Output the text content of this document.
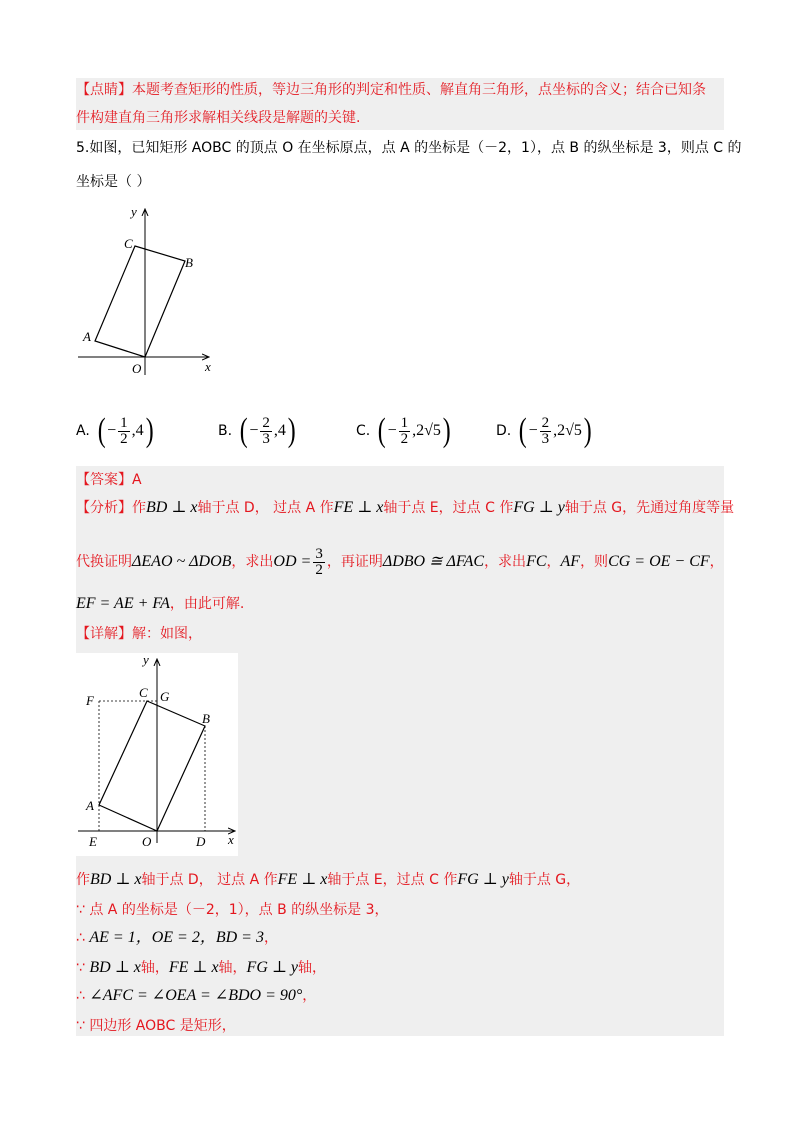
【点睛】本题考查矩形的性质，等边三角形的判定和性质、解直角三角形，点坐标的含义；结合已知条
件构建直角三角形求解相关线段是解题的关键.
5.如图，已知矩形 AOBC 的顶点 O 在坐标原点，点 A 的坐标是（－2，1），点 B 的纵坐标是 3，则点 C 的
坐标是（ ）
y
x
C
B
A
O
A. ( − $\frac{1}{2} ,4$ )	B. ( − $\frac{2}{3} ,4$ )	C. ( − $\frac{1}{2} ,2√5$ )	D. ( − $\frac{2}{3} ,2√5$ )
【答案】A
【分析】作BD ⊥ x轴于点 D， 过点 A 作FE ⊥ x轴于点 E，过点 C 作FG ⊥ y轴于点 G，先通过角度等量
代换证明 ΔEAO ~ ΔDOB ，求出 OD = $\frac{3}{2}$ ，再证明 ΔDBO ≅ ΔFAC ，求出 FC ， AF ，则 CG = OE − CF ，
EF = AE + FA，由此可解.
【详解】解：如图，
y
x
C G
B
A
F
E	O	D
作BD ⊥ x轴于点 D， 过点 A 作FE ⊥ x轴于点 E，过点 C 作FG ⊥ y轴于点 G，
∵ 点 A 的坐标是（－2，1），点 B 的纵坐标是 3，
∴ AE = 1，OE = 2，BD = 3，
∵ BD ⊥ x轴，FE ⊥ x轴，FG ⊥ y轴，
∴ ∠AFC = ∠OEA = ∠BDO = 90°，
∵ 四边形 AOBC 是矩形，
